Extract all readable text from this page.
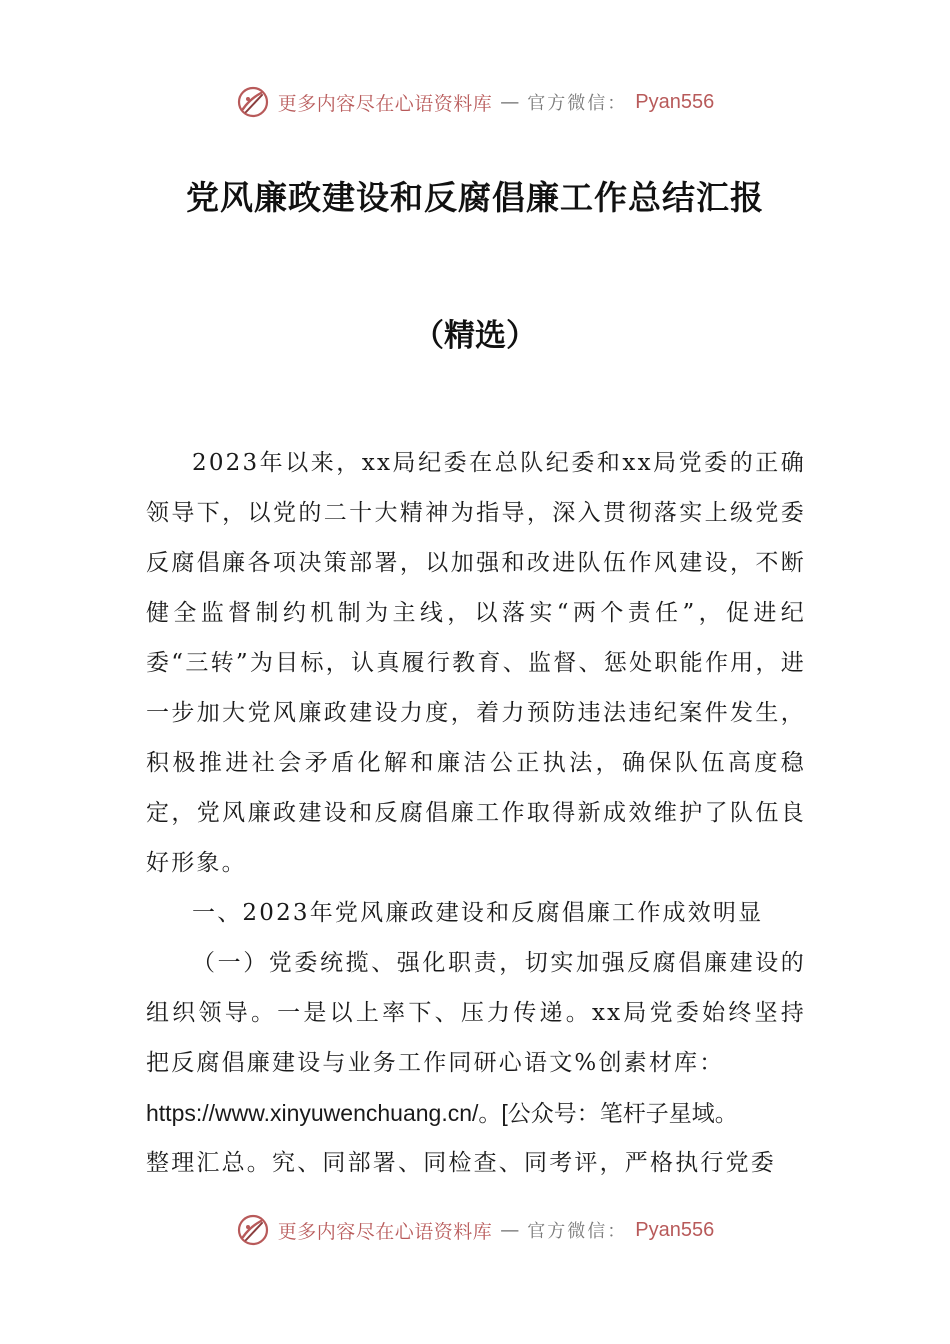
更多内容尽在心语资料库 — 官方微信： Pyan556
党风廉政建设和反腐倡廉工作总结汇报
（精选）

2023年以来，xx局纪委在总队纪委和xx局党委的正确领导下，以党的二十大精神为指导，深入贯彻落实上级党委反腐倡廉各项决策部署，以加强和改进队伍作风建设，不断健全监督制约机制为主线，以落实“两个责任”，促进纪委“三转”为目标，认真履行教育、监督、惩处职能作用，进一步加大党风廉政建设力度，着力预防违法违纪案件发生，积极推进社会矛盾化解和廉洁公正执法，确保队伍高度稳定，党风廉政建设和反腐倡廉工作取得新成效维护了队伍良好形象。

一、2023年党风廉政建设和反腐倡廉工作成效明显

（一）党委统揽、强化职责，切实加强反腐倡廉建设的组织领导。一是以上率下、压力传递。xx局党委始终坚持把反腐倡廉建设与业务工作同研心语文%创素材库：

https://www.xinyuwenchuang.cn/。[公众号：笔杆子星域。

整理汇总。究、同部署、同检查、同考评，严格执行党委

更多内容尽在心语资料库 — 官方微信： Pyan556
